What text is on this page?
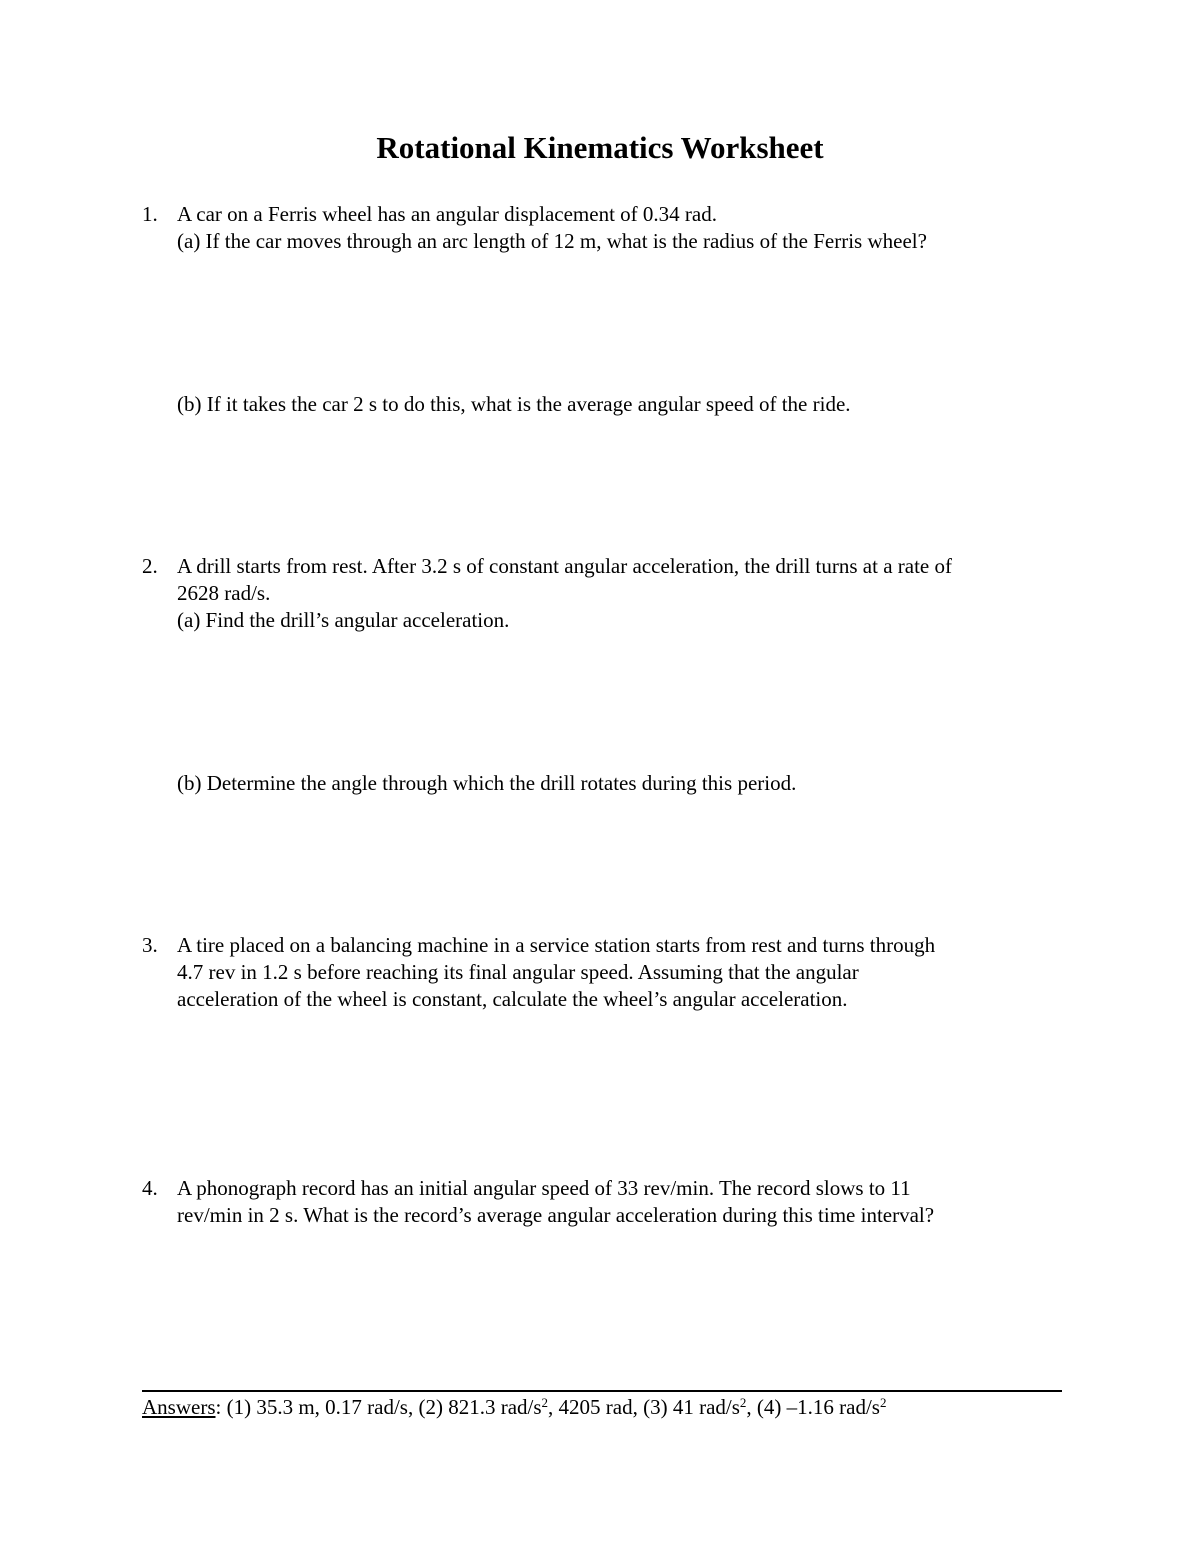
Rotational Kinematics Worksheet
1. A car on a Ferris wheel has an angular displacement of 0.34 rad.
(a) If the car moves through an arc length of 12 m, what is the radius of the Ferris wheel?
(b) If it takes the car 2 s to do this, what is the average angular speed of the ride.
2. A drill starts from rest. After 3.2 s of constant angular acceleration, the drill turns at a rate of
2628 rad/s.
(a) Find the drill’s angular acceleration.
(b) Determine the angle through which the drill rotates during this period.
3. A tire placed on a balancing machine in a service station starts from rest and turns through
4.7 rev in 1.2 s before reaching its final angular speed. Assuming that the angular
acceleration of the wheel is constant, calculate the wheel’s angular acceleration.
4. A phonograph record has an initial angular speed of 33 rev/min. The record slows to 11
rev/min in 2 s. What is the record’s average angular acceleration during this time interval?
Answers: (1) 35.3 m, 0.17 rad/s, (2) 821.3 rad/$s^2$, 4205 rad, (3) 41 rad/$s^2$, (4) –1.16 rad/$s^2$
